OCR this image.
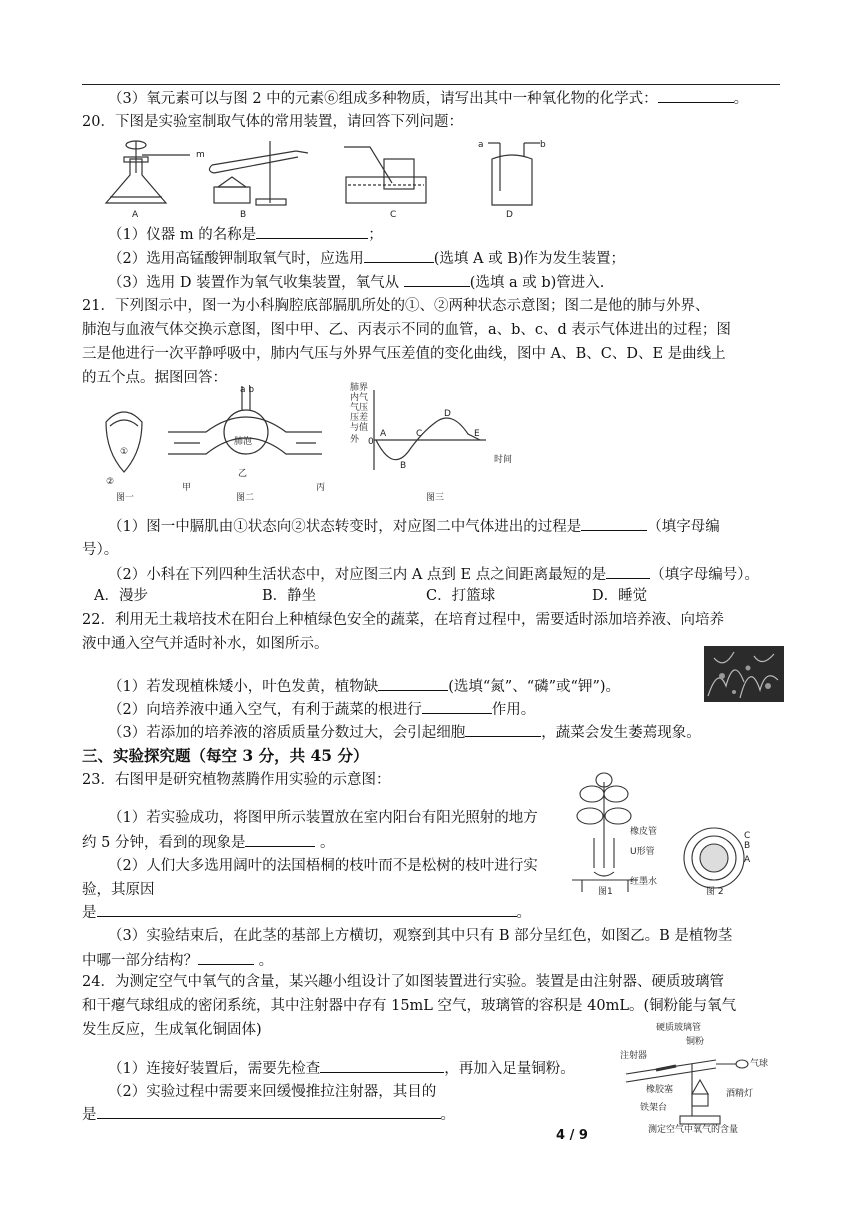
（3）氧元素可以与图 2 中的元素⑥组成多种物质，请写出其中一种氧化物的化学式：	。
20．下图是实验室制取气体的常用装置，请回答下列问题：
m
A	B	C
a	b
D
（1）仪器 m 的名称是	；
（2）选用高锰酸钾制取氧气时，应选用	(选填 A 或 B)作为发生装置；
（3）选用 D 装置作为氧气收集装置，氧气从	(选填 a 或 b)管进入.
21．下列图示中，图一为小科胸腔底部膈肌所处的①、②两种状态示意图；图二是他的肺与外界、
肺泡与血液气体交换示意图，图中甲、乙、丙表示不同的血管，a、b、c、d 表示气体进出的过程；图
三是他进行一次平静呼吸中，肺内气压与外界气压差值的变化曲线，图中 A、B、C、D、E 是曲线上
的五个点。据图回答：
①
②
图一
a b
肺泡
甲
乙
丙
图二
肺界
内气
气压
压差
与值
外 0
A
B
C
D
E
时间
图三
（1）图一中膈肌由①状态向②状态转变时，对应图二中气体进出的过程是	（填字母编
号）。
（2）小科在下列四种生活状态中，对应图三内 A 点到 E 点之间距离最短的是	（填字母编号）。
A．漫步	B．静坐	C．打篮球	D．睡觉
22．利用无土栽培技术在阳台上种植绿色安全的蔬菜，在培育过程中，需要适时添加培养液、向培养
液中通入空气并适时补水，如图所示。
（1）若发现植株矮小，叶色发黄，植物缺	(选填“氮”、“磷”或“钾”)。
（2）向培养液中通入空气，有利于蔬菜的根进行	作用。
（3）若添加的培养液的溶质质量分数过大，会引起细胞	，蔬菜会发生萎蔫现象。
三、实验探究题（每空 3 分，共 45 分）
23．右图甲是研究植物蒸腾作用实验的示意图：
橡皮管
U形管
红墨水
图1
C
B
A
图 2
（1）若实验成功，将图甲所示装置放在室内阳台有阳光照射的地方
约 5 分钟，看到的现象是	。
（2）人们大多选用阔叶的法国梧桐的枝叶而不是松树的枝叶进行实
验，其原因
是	。
（3）实验结束后，在此茎的基部上方横切，观察到其中只有 B 部分呈红色，如图乙。B 是植物茎
中哪一部分结构？	。
24．为测定空气中氧气的含量，某兴趣小组设计了如图装置进行实验。装置是由注射器、硬质玻璃管
和干瘪气球组成的密闭系统，其中注射器中存有 15mL 空气，玻璃管的容积是 40mL。(铜粉能与氧气
发生反应，生成氧化铜固体)	硬质玻璃管
铜粉
注射器
气球
橡胶塞	酒精灯
铁架台
测定空气中氧气的含量
（1）连接好装置后，需要先检查	，再加入足量铜粉。
（2）实验过程中需要来回缓慢推拉注射器，其目的
是	。
4 / 9
